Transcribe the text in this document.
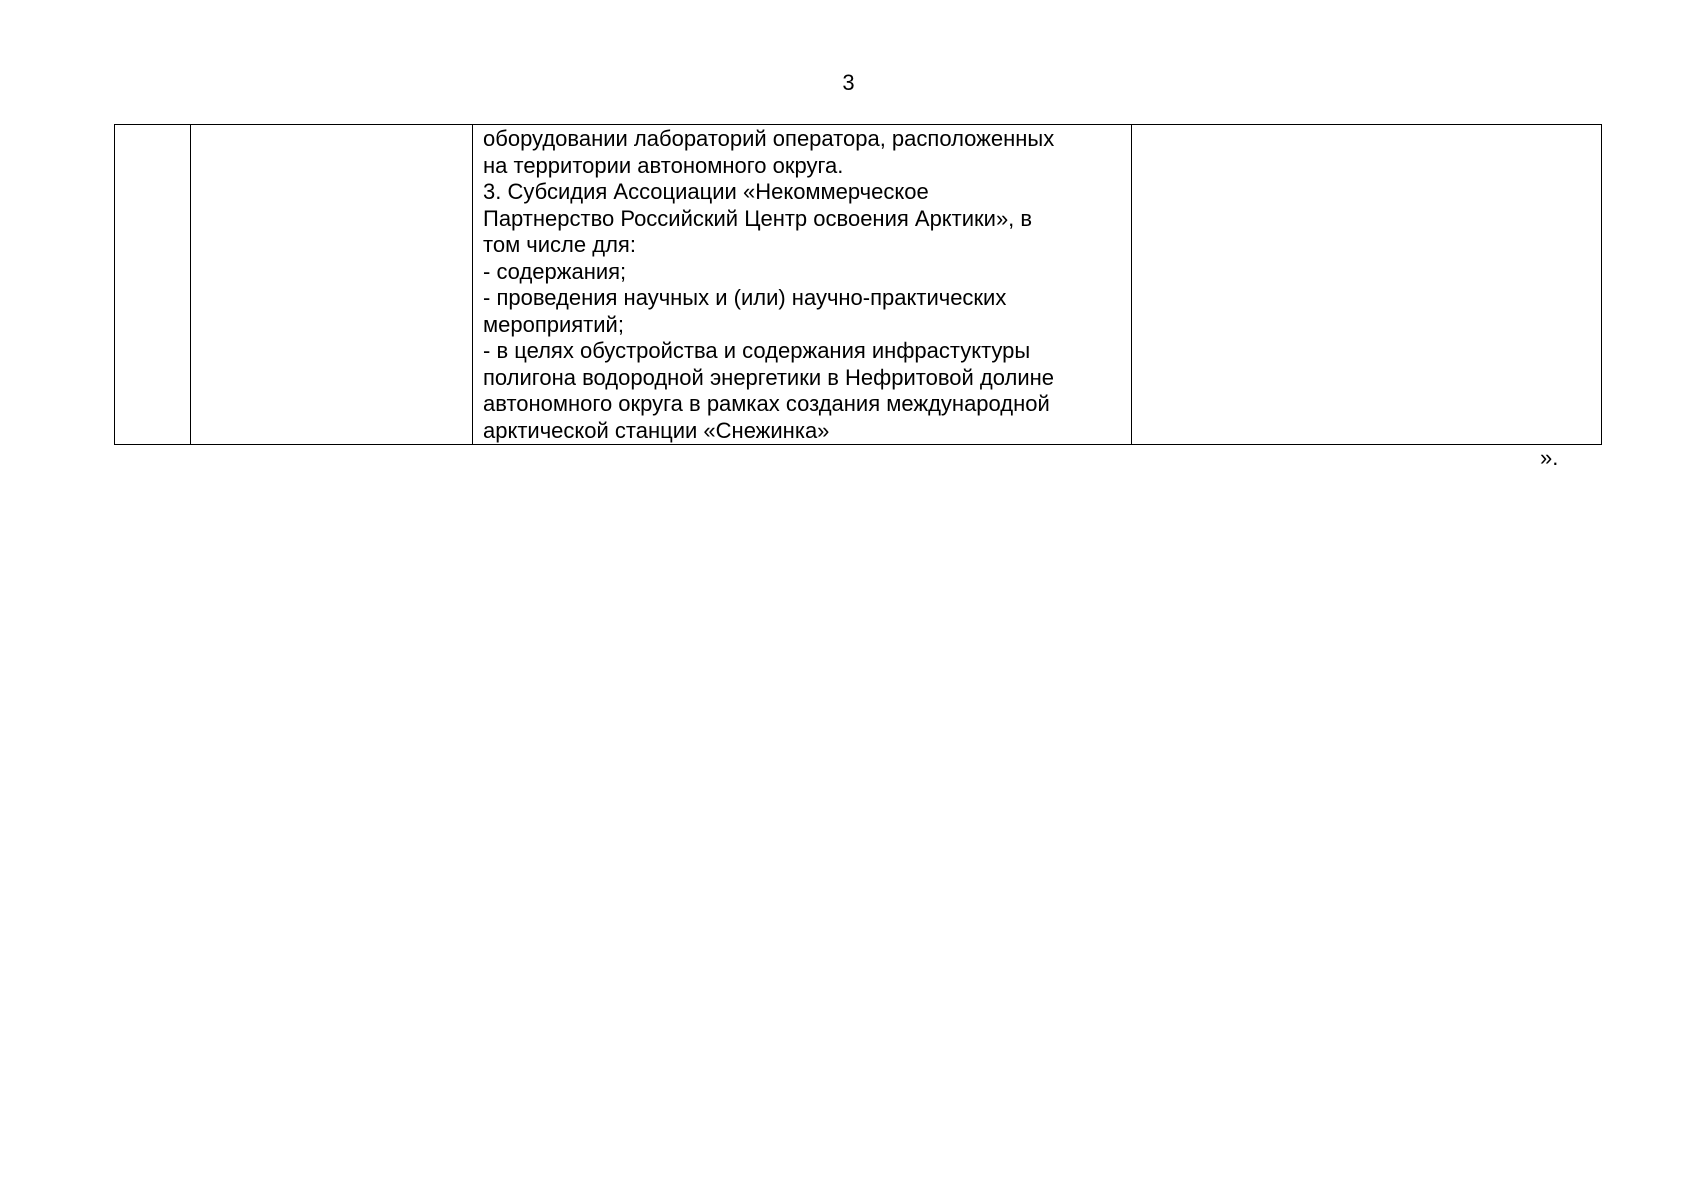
3

оборудовании лабораторий оператора, расположенных
на территории автономного округа.
3. Субсидия Ассоциации «Некоммерческое
Партнерство Российский Центр освоения Арктики», в
том числе для:
- содержания;
- проведения научных и (или) научно-практических
мероприятий;
- в целях обустройства и содержания инфрастуктуры
полигона водородной энергетики в Нефритовой долине
автономного округа в рамках создания международной
арктической станции «Снежинка»

».
